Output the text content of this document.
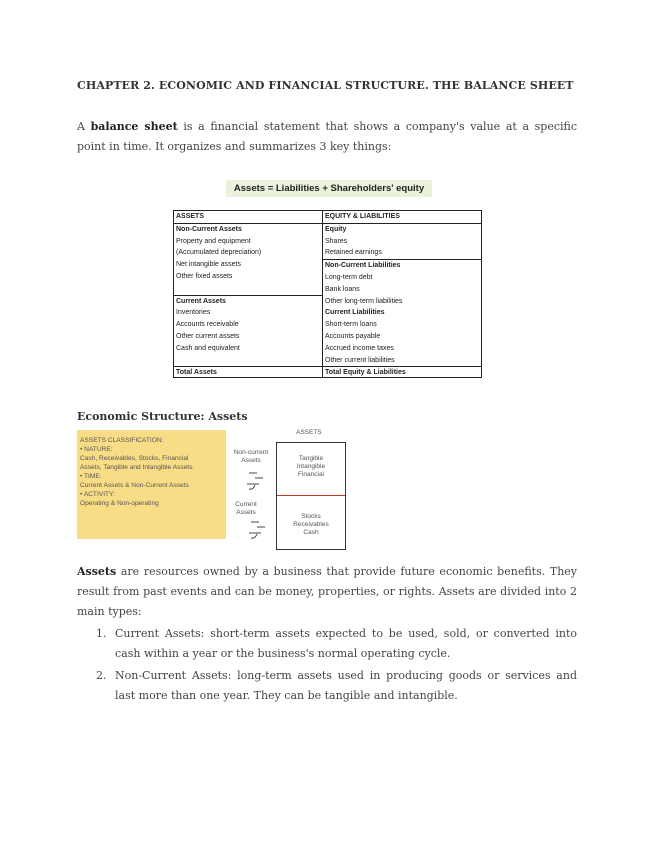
CHAPTER 2. ECONOMIC AND FINANCIAL STRUCTURE. THE BALANCE SHEET
A balance sheet is a financial statement that shows a company's value at a specific point in time. It organizes and summarizes 3 key things:
Assets = Liabilities + Shareholders' equity
ASSETS
Non-Current Assets
Property and equipment
(Accumulated depreciation)
Net intangible assets
Other fixed assets
Current Assets
Inventories
Accounts receivable
Other current assets
Cash and equivalent
Total Assets
EQUITY & LIABILITIES
Equity
Shares
Retained earnings
Non-Current Liabilities
Long-term debt
Bank loans
Other long-term liabilities
Current Liabilities
Short-term loans
Accounts payable
Accrued income taxes
Other current liabilities
Total Equity & Liabilities
Economic Structure: Assets
ASSETS CLASSIFICATION:
• NATURE:
Cash, Receivables, Stocks, Financial
Assets, Tangible and Intangible Assets.
• TIME:
Current Assets & Non-Current Assets
• ACTIVITY:
Operating & Non-operating
ASSETS
Non-current
Assets	Tangible
Intangible
Financial
Current
Assets
Stocks
Receivables
Cash
Assets are resources owned by a business that provide future economic benefits. They result from past events and can be money, properties, or rights. Assets are divided into 2 main types:
1. Current Assets: short-term assets expected to be used, sold, or converted into cash within a year or the business's normal operating cycle.
2. Non-Current Assets: long-term assets used in producing goods or services and last more than one year. They can be tangible and intangible.
